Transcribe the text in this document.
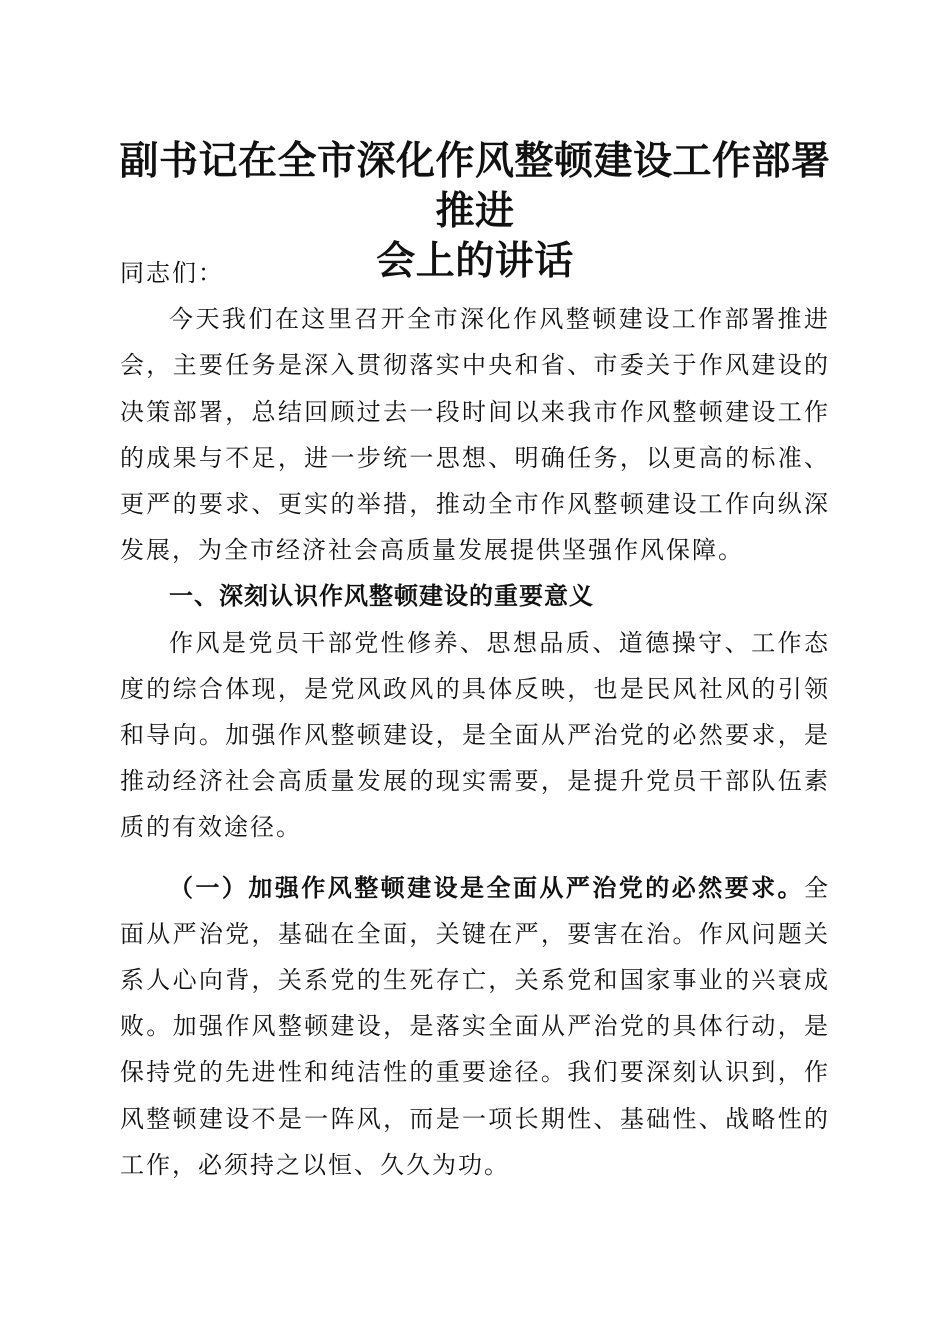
副书记在全市深化作风整顿建设工作部署推进
会上的讲话

同志们：

今天我们在这里召开全市深化作风整顿建设工作部署推进会，主要任务是深入贯彻落实中央和省、市委关于作风建设的决策部署，总结回顾过去一段时间以来我市作风整顿建设工作的成果与不足，进一步统一思想、明确任务，以更高的标准、更严的要求、更实的举措，推动全市作风整顿建设工作向纵深发展，为全市经济社会高质量发展提供坚强作风保障。

一、深刻认识作风整顿建设的重要意义

作风是党员干部党性修养、思想品质、道德操守、工作态度的综合体现，是党风政风的具体反映，也是民风社风的引领和导向。加强作风整顿建设，是全面从严治党的必然要求，是推动经济社会高质量发展的现实需要，是提升党员干部队伍素质的有效途径。

（一）加强作风整顿建设是全面从严治党的必然要求。全面从严治党，基础在全面，关键在严，要害在治。作风问题关系人心向背，关系党的生死存亡，关系党和国家事业的兴衰成败。加强作风整顿建设，是落实全面从严治党的具体行动，是保持党的先进性和纯洁性的重要途径。我们要深刻认识到，作风整顿建设不是一阵风，而是一项长期性、基础性、战略性的工作，必须持之以恒、久久为功。
